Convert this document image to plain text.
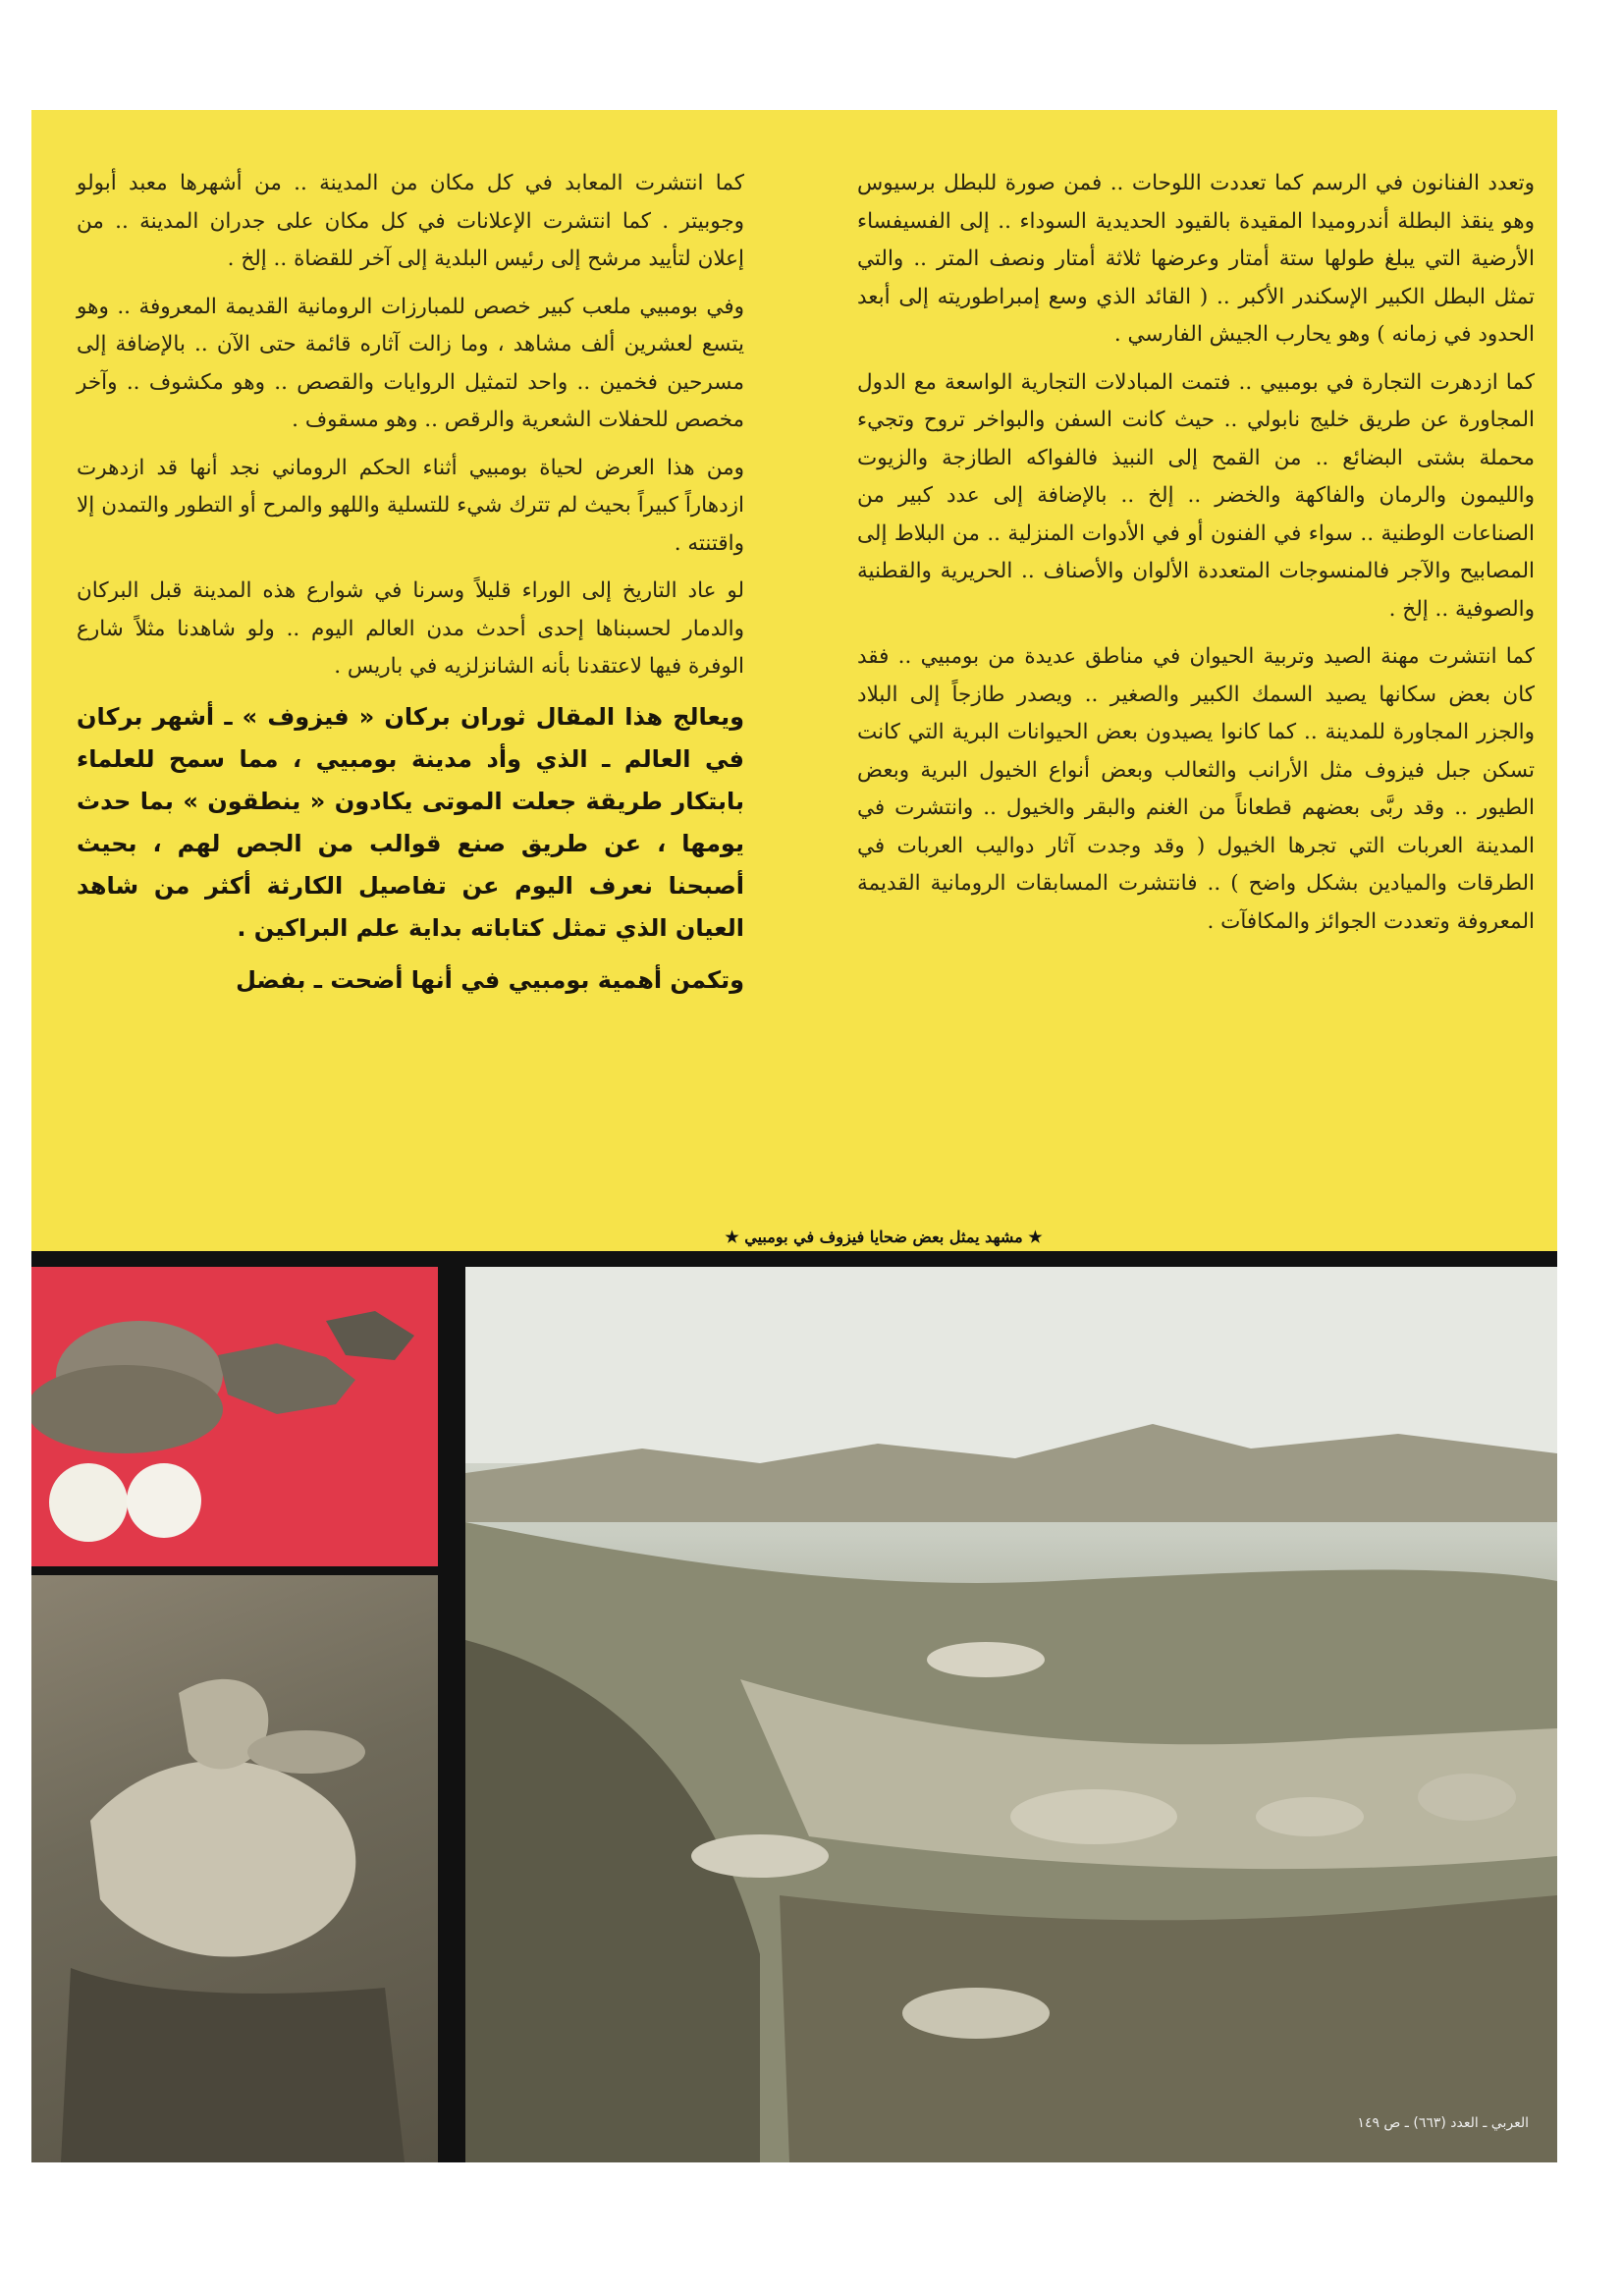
وتعدد الفنانون في الرسم كما تعددت اللوحات .. فمن صورة للبطل برسيوس وهو ينقذ البطلة أندروميدا المقيدة بالقيود الحديدية السوداء .. إلى الفسيفساء الأرضية التي يبلغ طولها ستة أمتار وعرضها ثلاثة أمتار ونصف المتر .. والتي تمثل البطل الكبير الإسكندر الأكبر .. ( القائد الذي وسع إمبراطوريته إلى أبعد الحدود في زمانه ) وهو يحارب الجيش الفارسي .

كما ازدهرت التجارة في بومبيي .. فتمت المبادلات التجارية الواسعة مع الدول المجاورة عن طريق خليج نابولي .. حيث كانت السفن والبواخر تروح وتجيء محملة بشتى البضائع .. من القمح إلى النبيذ فالفواكه الطازجة والزيوت والليمون والرمان والفاكهة والخضر .. إلخ .. بالإضافة إلى عدد كبير من الصناعات الوطنية .. سواء في الفنون أو في الأدوات المنزلية .. من البلاط إلى المصابيح والآجر فالمنسوجات المتعددة الألوان والأصناف .. الحريرية والقطنية والصوفية .. إلخ .

كما انتشرت مهنة الصيد وتربية الحيوان في مناطق عديدة من بومبيي .. فقد كان بعض سكانها يصيد السمك الكبير والصغير .. ويصدر طازجاً إلى البلاد والجزر المجاورة للمدينة .. كما كانوا يصيدون بعض الحيوانات البرية التي كانت تسكن جبل فيزوف مثل الأرانب والثعالب وبعض أنواع الخيول البرية وبعض الطيور .. وقد ربَّى بعضهم قطعاناً من الغنم والبقر والخيول .. وانتشرت في المدينة العربات التي تجرها الخيول ( وقد وجدت آثار دواليب العربات في الطرقات والميادين بشكل واضح ) .. فانتشرت المسابقات الرومانية القديمة المعروفة وتعددت الجوائز والمكافآت .

كما انتشرت المعابد في كل مكان من المدينة .. من أشهرها معبد أبولو وجوبيتر . كما انتشرت الإعلانات في كل مكان على جدران المدينة .. من إعلان لتأييد مرشح إلى رئيس البلدية إلى آخر للقضاة .. إلخ .

وفي بومبيي ملعب كبير خصص للمبارزات الرومانية القديمة المعروفة .. وهو يتسع لعشرين ألف مشاهد ، وما زالت آثاره قائمة حتى الآن .. بالإضافة إلى مسرحين فخمين .. واحد لتمثيل الروايات والقصص .. وهو مكشوف .. وآخر مخصص للحفلات الشعرية والرقص .. وهو مسقوف .

ومن هذا العرض لحياة بومبيي أثناء الحكم الروماني نجد أنها قد ازدهرت ازدهاراً كبيراً بحيث لم تترك شيء للتسلية واللهو والمرح أو التطور والتمدن إلا واقتنته .

لو عاد التاريخ إلى الوراء قليلاً وسرنا في شوارع هذه المدينة قبل البركان والدمار لحسبناها إحدى أحدث مدن العالم اليوم .. ولو شاهدنا مثلاً شارع الوفرة فيها لاعتقدنا بأنه الشانزلزيه في باريس .

ويعالج هذا المقال ثوران بركان « فيزوف » ـ أشهر بركان في العالم ـ الذي وأد مدينة بومبيي ، مما سمح للعلماء بابتكار طريقة جعلت الموتى يكادون « ينطقون » بما حدث يومها ، عن طريق صنع قوالب من الجص لهم ، بحيث أصبحنا نعرف اليوم عن تفاصيل الكارثة أكثر من شاهد العيان الذي تمثل كتاباته بداية علم البراكين .

وتكمن أهمية بومبيي في أنها أضحت ـ بفضل

★ مشهد يمثل بعض ضحايا فيزوف في بومبيي ★
العربي ـ العدد (٦٦٣) ـ ص ١٤٩
